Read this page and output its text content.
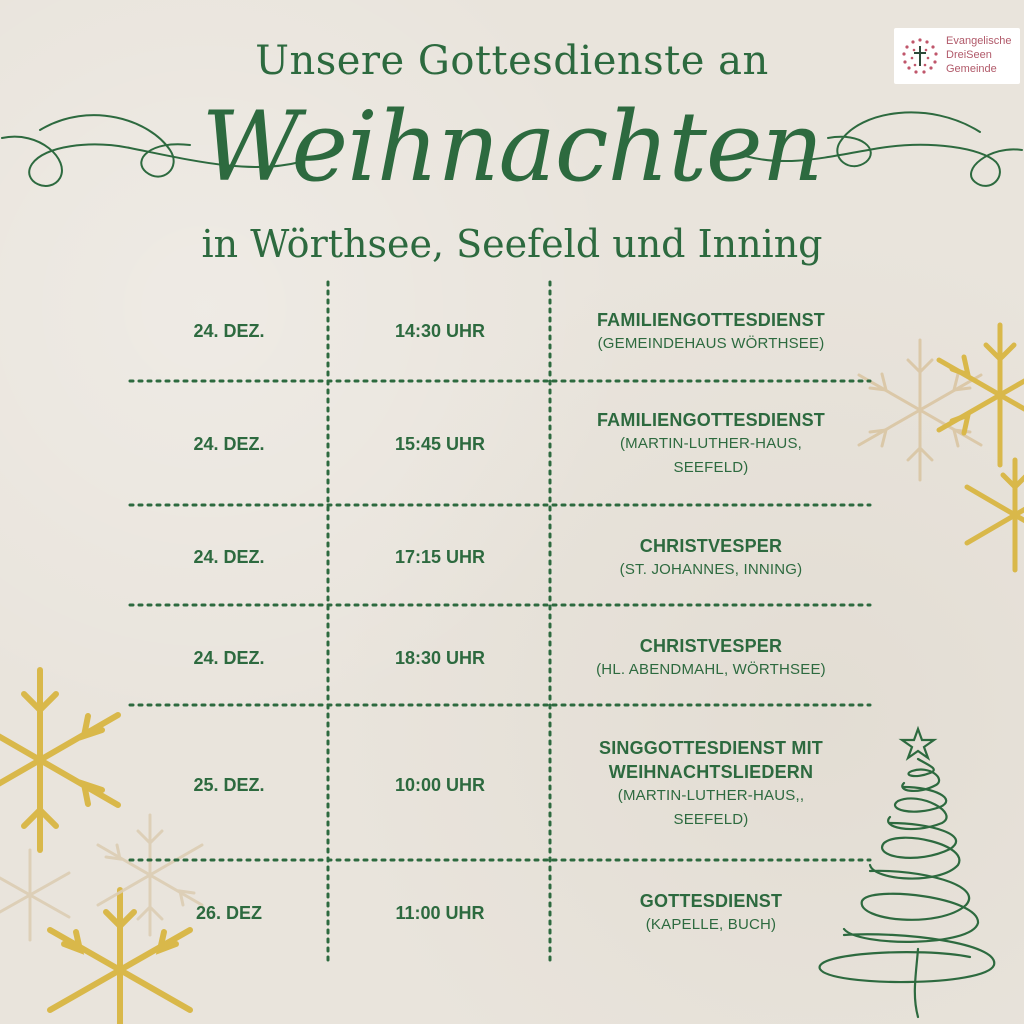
Unsere Gottesdienste an
Weihnachten
in Wörthsee, Seefeld und Inning
Evangelische
DreiSeen
Gemeinde
24. DEZ.	14:30 UHR
FAMILIENGOTTESDIENST
(GEMEINDEHAUS WÖRTHSEE)
24. DEZ.	15:45 UHR
FAMILIENGOTTESDIENST
(MARTIN-LUTHER-HAUS,
SEEFELD)
24. DEZ.	17:15 UHR
CHRISTVESPER
(ST. JOHANNES, INNING)
24. DEZ.	18:30 UHR
CHRISTVESPER
(HL. ABENDMAHL, WÖRTHSEE)
25. DEZ.	10:00 UHR
SINGGOTTESDIENST MIT
WEIHNACHTSLIEDERN
(MARTIN-LUTHER-HAUS,,
SEEFELD)
26. DEZ	11:00 UHR
GOTTESDIENST
(KAPELLE, BUCH)
